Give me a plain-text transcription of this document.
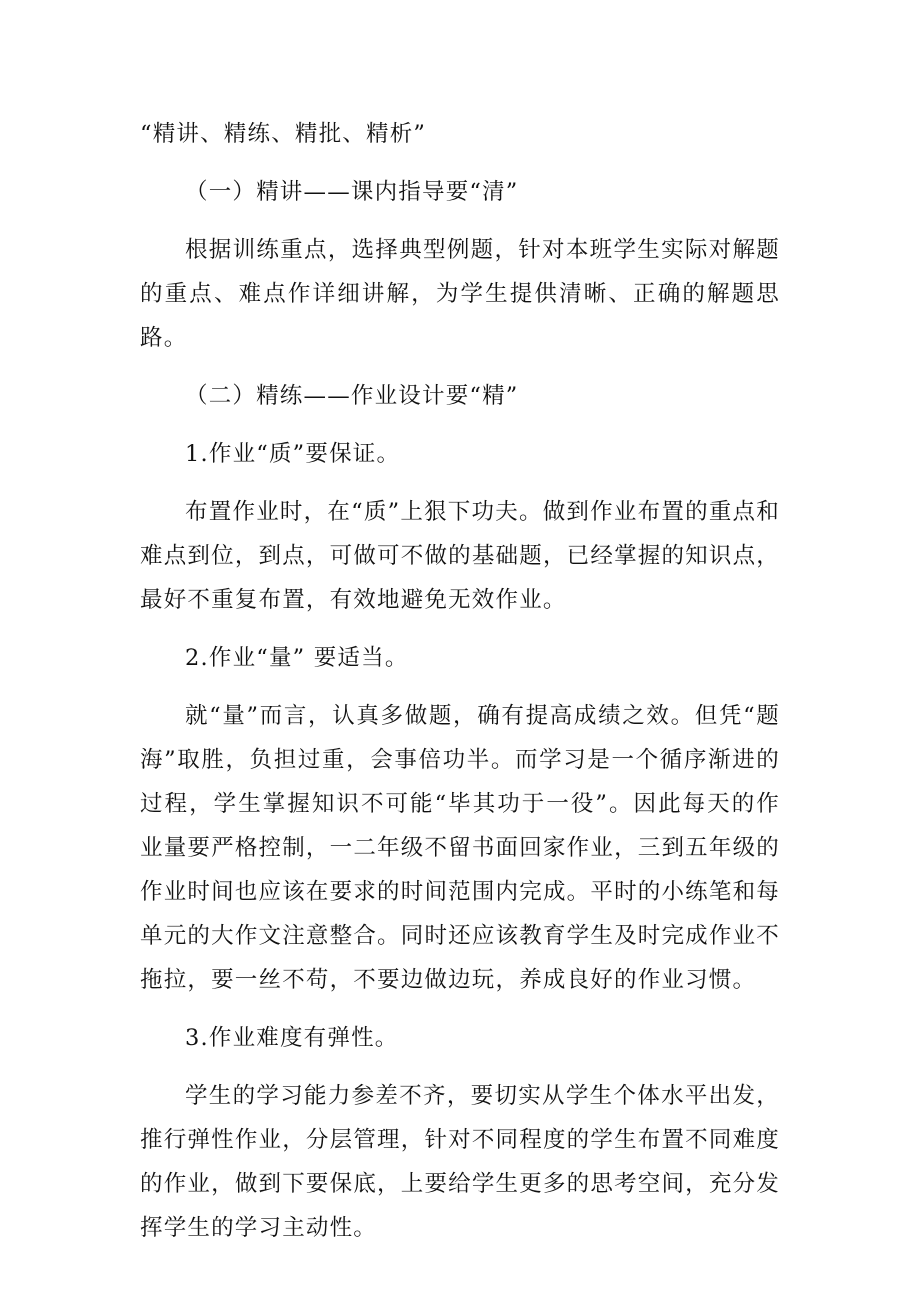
“精讲、精练、精批、精析”

（一）精讲——课内指导要“清”

根据训练重点，选择典型例题，针对本班学生实际对解题的重点、难点作详细讲解，为学生提供清晰、正确的解题思路。

（二）精练——作业设计要“精”

1.作业“质”要保证。

布置作业时，在“质”上狠下功夫。做到作业布置的重点和难点到位，到点，可做可不做的基础题，已经掌握的知识点，最好不重复布置，有效地避免无效作业。

2.作业“量” 要适当。

就“量”而言，认真多做题，确有提高成绩之效。但凭“题海”取胜，负担过重，会事倍功半。而学习是一个循序渐进的过程，学生掌握知识不可能“毕其功于一役”。因此每天的作业量要严格控制，一二年级不留书面回家作业，三到五年级的作业时间也应该在要求的时间范围内完成。平时的小练笔和每单元的大作文注意整合。同时还应该教育学生及时完成作业不拖拉，要一丝不苟，不要边做边玩，养成良好的作业习惯。

3.作业难度有弹性。

学生的学习能力参差不齐，要切实从学生个体水平出发，推行弹性作业，分层管理，针对不同程度的学生布置不同难度的作业，做到下要保底，上要给学生更多的思考空间，充分发挥学生的学习主动性。
